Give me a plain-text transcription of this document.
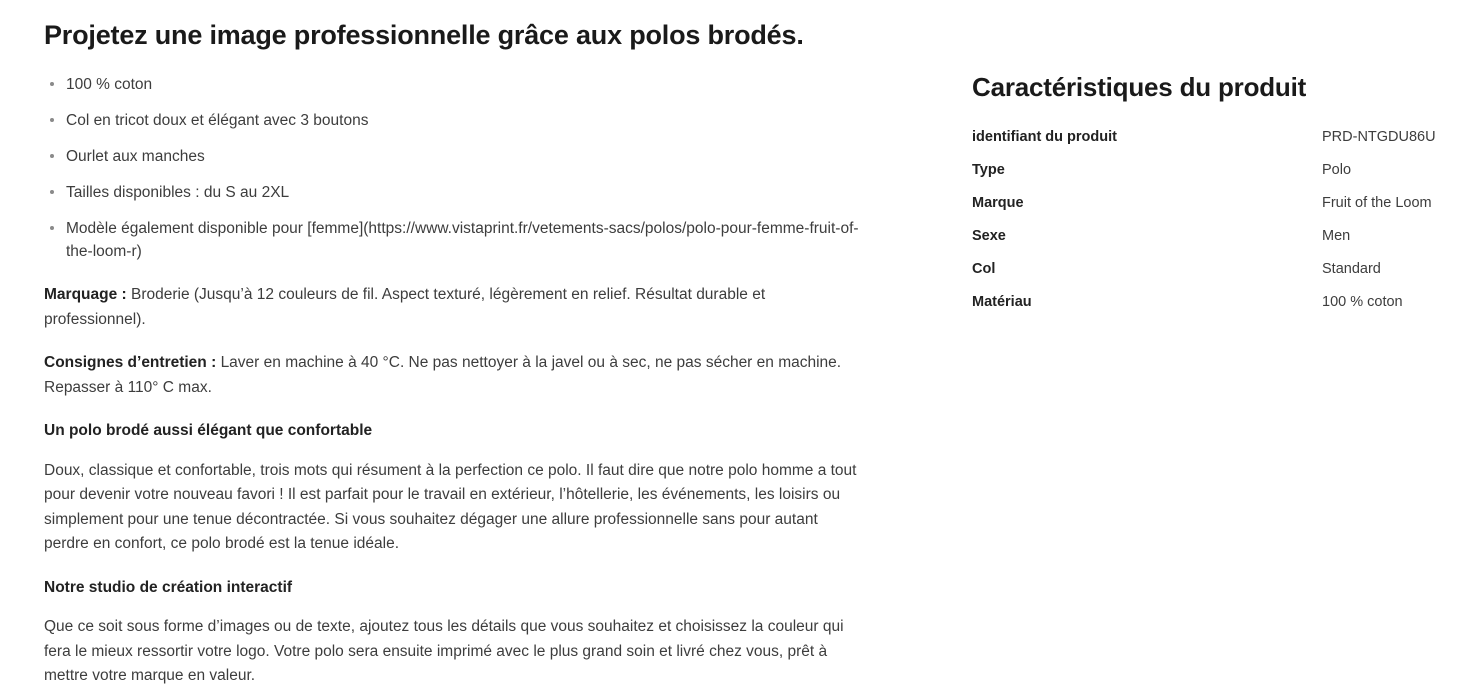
Projetez une image professionnelle grâce aux polos brodés.
100 % coton
Col en tricot doux et élégant avec 3 boutons
Ourlet aux manches
Tailles disponibles : du S au 2XL
Modèle également disponible pour [femme](https://www.vistaprint.fr/vetements-sacs/polos/polo-pour-femme-fruit-of-the-loom-r)

Marquage : Broderie (Jusqu’à 12 couleurs de fil. Aspect texturé, légèrement en relief. Résultat durable et professionnel).

Consignes d’entretien : Laver en machine à 40 °C. Ne pas nettoyer à la javel ou à sec, ne pas sécher en machine. Repasser à 110° C max.

Un polo brodé aussi élégant que confortable

Doux, classique et confortable, trois mots qui résument à la perfection ce polo. Il faut dire que notre polo homme a tout pour devenir votre nouveau favori ! Il est parfait pour le travail en extérieur, l’hôtellerie, les événements, les loisirs ou simplement pour une tenue décontractée. Si vous souhaitez dégager une allure professionnelle sans pour autant perdre en confort, ce polo brodé est la tenue idéale.

Notre studio de création interactif

Que ce soit sous forme d’images ou de texte, ajoutez tous les détails que vous souhaitez et choisissez la couleur qui fera le mieux ressortir votre logo. Votre polo sera ensuite imprimé avec le plus grand soin et livré chez vous, prêt à mettre votre marque en valeur.

Caractéristiques du produit
identifiant du produit	PRD-NTGDU86U
Type	Polo
Marque	Fruit of the Loom
Sexe	Men
Col	Standard
Matériau	100 % coton
